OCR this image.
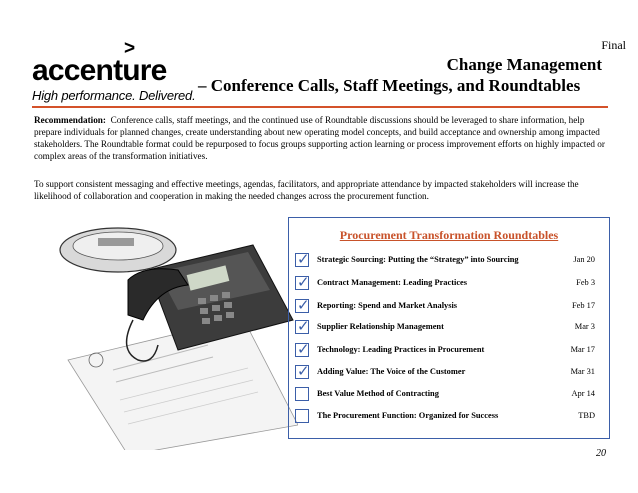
Final
>
accenture
High performance. Delivered.
Change Management
– Conference Calls, Staff Meetings, and Roundtables
Recommendation: Conference calls, staff meetings, and the continued use of Roundtable discussions should be leveraged to share information, help prepare individuals for planned changes, create understanding about new operating model concepts, and build acceptance and ownership among impacted stakeholders. The Roundtable format could be repurposed to focus groups supporting action learning or process improvement efforts on highly impacted or complex areas of the transformation initiatives.
To support consistent messaging and effective meetings, agendas, facilitators, and appropriate attendance by impacted stakeholders will increase the likelihood of collaboration and cooperation in making the needed changes across the procurement function.
Procurement Transformation Roundtables
✓ Strategic Sourcing: Putting the “Strategy” into Sourcing	Jan 20
✓ Contract Management: Leading Practices	Feb 3
✓ Reporting: Spend and Market Analysis	Feb 17
✓ Supplier Relationship Management	Mar 3
✓ Technology: Leading Practices in Procurement	Mar 17
✓ Adding Value: The Voice of the Customer	Mar 31
Best Value Method of Contracting	Apr 14
The Procurement Function: Organized for Success	TBD
20
